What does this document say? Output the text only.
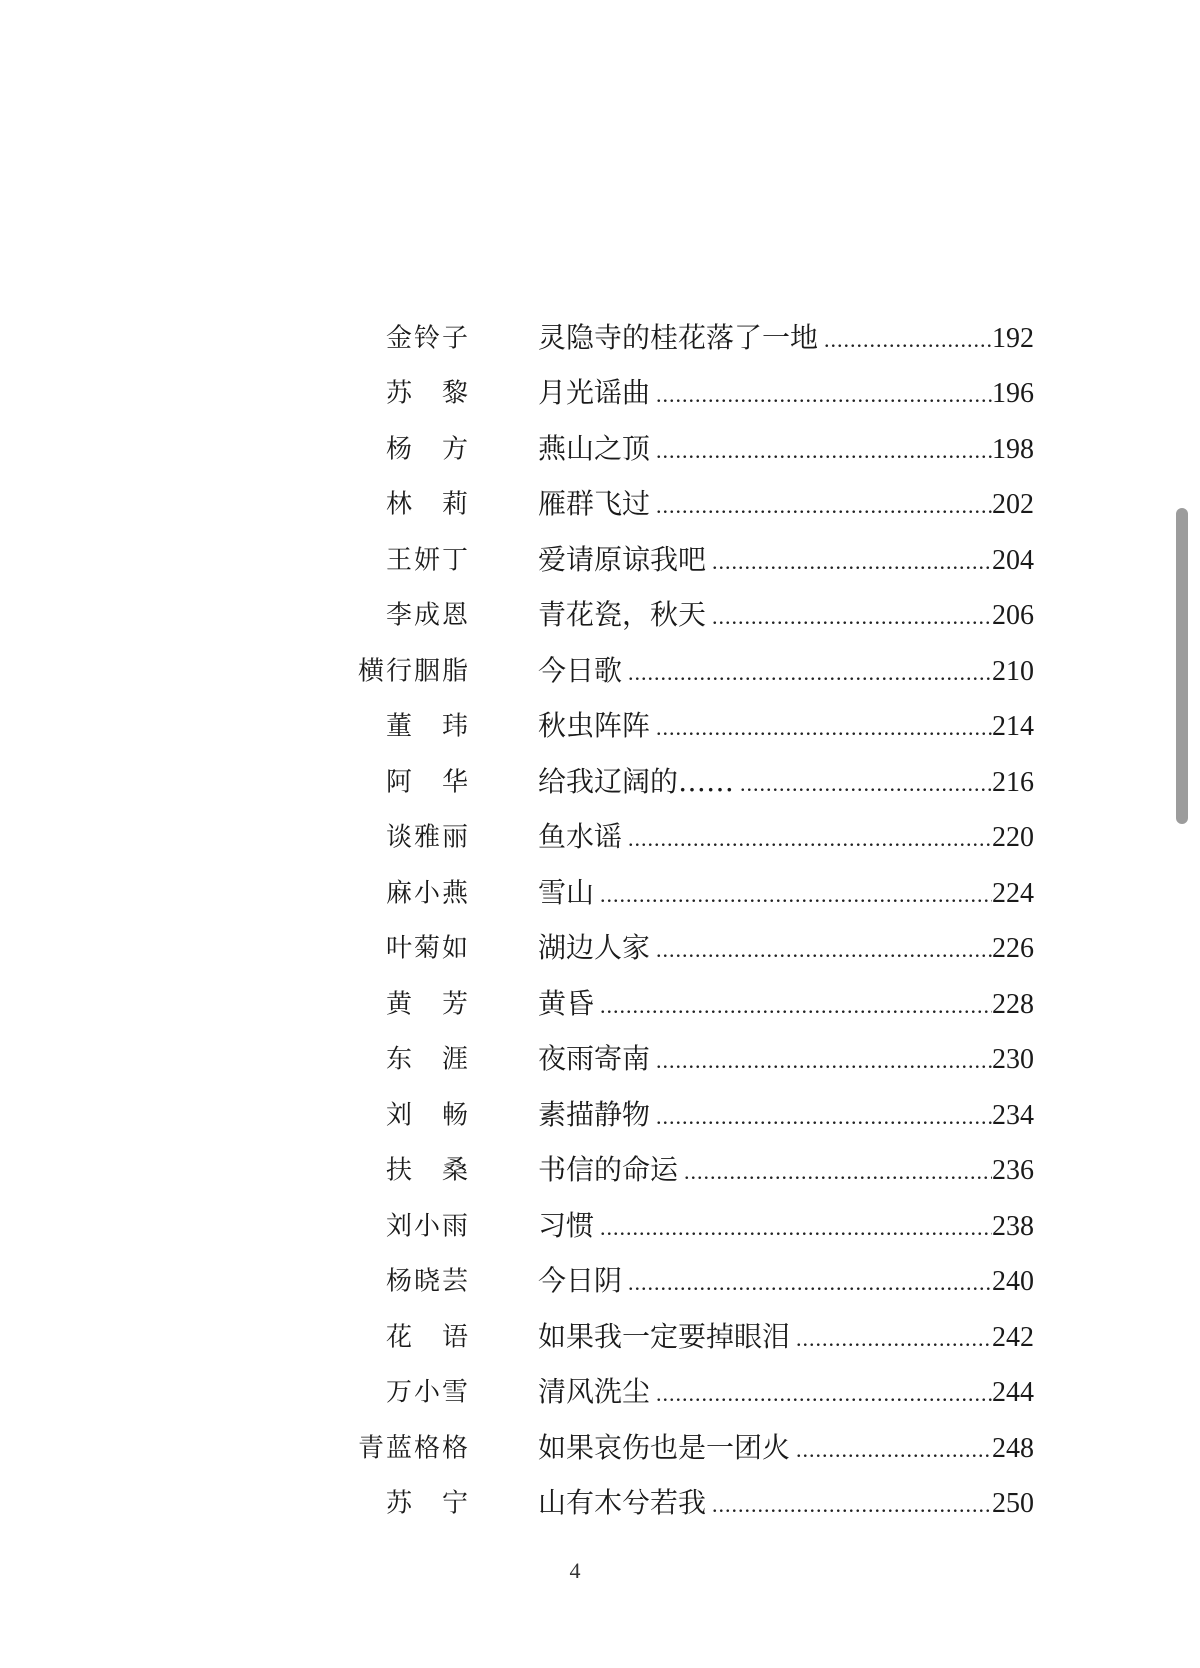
金铃子 灵隐寺的桂花落了一地 .....	192
苏　黎 月光谣曲 .....	196
杨　方 燕山之顶 .....	198
林　莉 雁群飞过 .....	202
王妍丁 爱请原谅我吧 .....	204
李成恩 青花瓷，秋天 .....	206
横行胭脂 今日歌 .....	210
董　玮 秋虫阵阵 .....	214
阿　华 给我辽阔的…… .....	216
谈雅丽 鱼水谣 .....	220
麻小燕 雪山 .....	224
叶菊如 湖边人家 .....	226
黄　芳 黄昏 .....	228
东　涯 夜雨寄南 .....	230
刘　畅 素描静物 .....	234
扶　桑 书信的命运 .....	236
刘小雨 习惯 .....	238
杨晓芸 今日阴 .....	240
花　语 如果我一定要掉眼泪 .....	242
万小雪 清风洗尘 .....	244
青蓝格格 如果哀伤也是一团火 .....	248
苏　宁 山有木兮若我 .....	250
4
